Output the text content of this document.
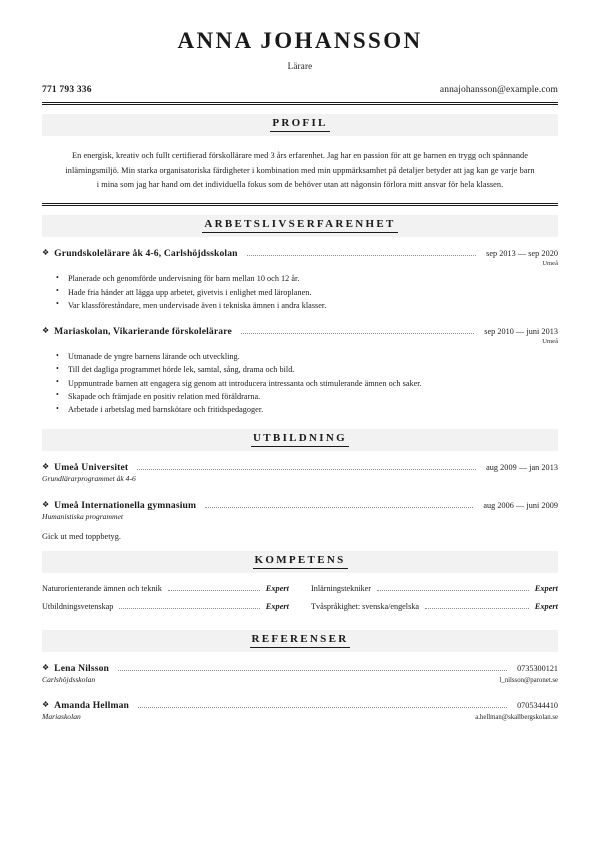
ANNA JOHANSSON
Lärare
771 793 336	annajohansson@example.com
PROFIL
En energisk, kreativ och fullt certifierad förskollärare med 3 års erfarenhet. Jag har en passion för att ge barnen en trygg och spännande inlärningsmiljö. Min starka organisatoriska färdigheter i kombination med min uppmärksamhet på detaljer betyder att jag kan ge varje barn i mina som jag har hand om det individuella fokus som de behöver utan att någonsin förlora mitt ansvar för hela klassen.
ARBETSLIVSERFARENHET
❖ Grundskolelärare åk 4-6, Carlshöjdsskolan	sep 2013 — sep 2020
Umeå
• Planerade och genomförde undervisning för barn mellan 10 och 12 år.
• Hade fria händer att lägga upp arbetet, givetvis i enlighet med läroplanen.
• Var klassföreståndare, men undervisade även i tekniska ämnen i andra klasser.
❖ Mariaskolan, Vikarierande förskolelärare	sep 2010 — juni 2013
Umeå
• Utmanade de yngre barnens lärande och utveckling.
• Till det dagliga programmet hörde lek, samtal, sång, drama och bild.
• Uppmuntrade barnen att engagera sig genom att introducera intressanta och stimulerande ämnen och saker.
• Skapade och främjade en positiv relation med föräldrarna.
• Arbetade i arbetslag med barnskötare och fritidspedagoger.
UTBILDNING
❖ Umeå Universitet	aug 2009 — jan 2013
Grundlärarprogrammet åk 4-6
❖ Umeå Internationella gymnasium	aug 2006 — juni 2009
Humanistiska programmet
Gick ut med toppbetyg.
KOMPETENS
Naturorienterande ämnen och teknik	Expert	Inlärningstekniker	Expert
Utbildningsvetenskap	Expert	Tvåspråkighet: svenska/engelska	Expert
REFERENSER
❖ Lena Nilsson	0735300121
Carlshöjdsskolan	l_nilsson@paronet.se
❖ Amanda Hellman	0705344410
Mariaskolan	a.hellman@skallbergskolan.se
